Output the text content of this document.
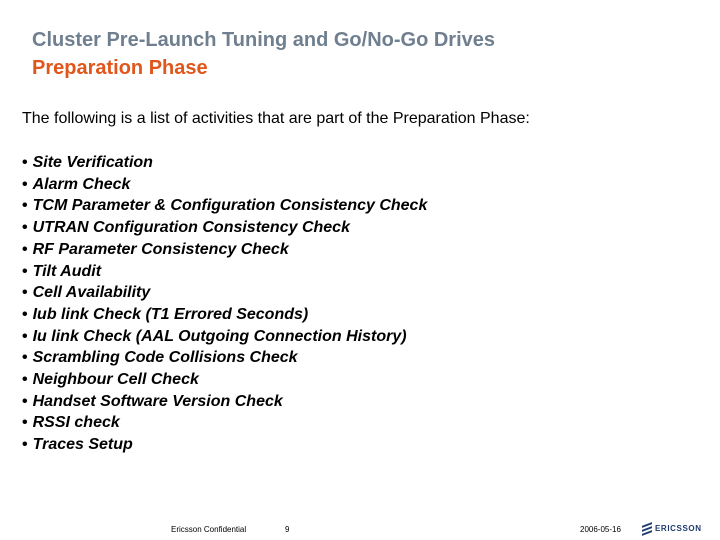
Cluster Pre-Launch Tuning and Go/No-Go Drives
Preparation Phase
The following is a list of activities that are part of the Preparation Phase:
• Site Verification
• Alarm Check
• TCM Parameter & Configuration Consistency Check
• UTRAN Configuration Consistency Check
• RF Parameter Consistency Check
• Tilt Audit
• Cell Availability
• Iub link Check (T1 Errored Seconds)
• Iu link Check (AAL Outgoing Connection History)
• Scrambling Code Collisions Check
• Neighbour Cell Check
• Handset Software Version Check
• RSSI check
• Traces Setup
Ericsson Confidential	9	2006-05-16	ERICSSON
